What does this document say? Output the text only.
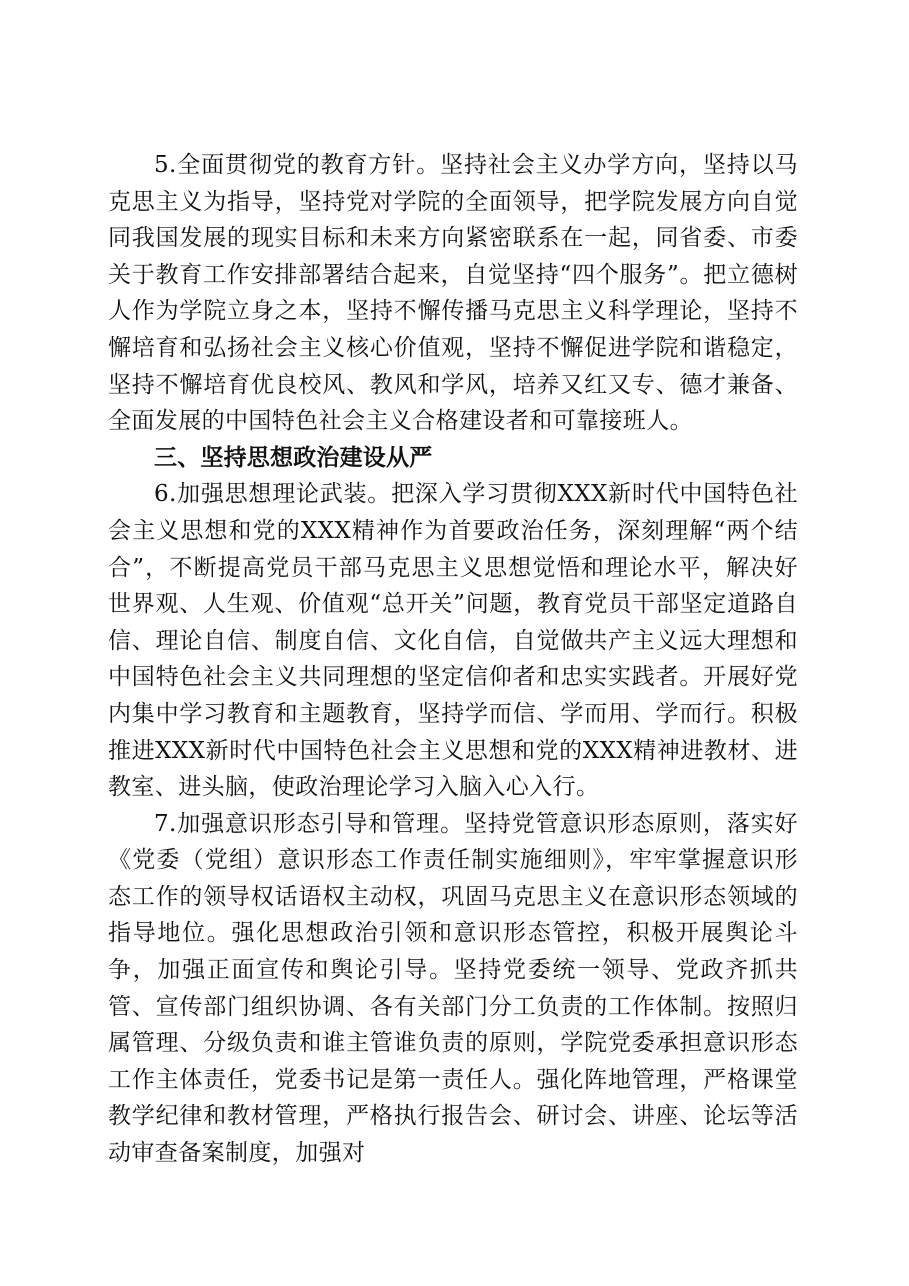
5.全面贯彻党的教育方针。坚持社会主义办学方向，坚持以马克思主义为指导，坚持党对学院的全面领导，把学院发展方向自觉同我国发展的现实目标和未来方向紧密联系在一起，同省委、市委关于教育工作安排部署结合起来，自觉坚持“四个服务”。把立德树人作为学院立身之本，坚持不懈传播马克思主义科学理论，坚持不懈培育和弘扬社会主义核心价值观，坚持不懈促进学院和谐稳定，坚持不懈培育优良校风、教风和学风，培养又红又专、德才兼备、全面发展的中国特色社会主义合格建设者和可靠接班人。

三、坚持思想政治建设从严

6.加强思想理论武装。把深入学习贯彻XXX新时代中国特色社会主义思想和党的XXX精神作为首要政治任务，深刻理解“两个结合”，不断提高党员干部马克思主义思想觉悟和理论水平，解决好世界观、人生观、价值观“总开关”问题，教育党员干部坚定道路自信、理论自信、制度自信、文化自信，自觉做共产主义远大理想和中国特色社会主义共同理想的坚定信仰者和忠实实践者。开展好党内集中学习教育和主题教育，坚持学而信、学而用、学而行。积极推进XXX新时代中国特色社会主义思想和党的XXX精神进教材、进教室、进头脑，使政治理论学习入脑入心入行。

7.加强意识形态引导和管理。坚持党管意识形态原则，落实好《党委（党组）意识形态工作责任制实施细则》，牢牢掌握意识形态工作的领导权话语权主动权，巩固马克思主义在意识形态领域的指导地位。强化思想政治引领和意识形态管控，积极开展舆论斗争，加强正面宣传和舆论引导。坚持党委统一领导、党政齐抓共管、宣传部门组织协调、各有关部门分工负责的工作体制。按照归属管理、分级负责和谁主管谁负责的原则，学院党委承担意识形态工作主体责任，党委书记是第一责任人。强化阵地管理，严格课堂教学纪律和教材管理，严格执行报告会、研讨会、讲座、论坛等活动审查备案制度，加强对
